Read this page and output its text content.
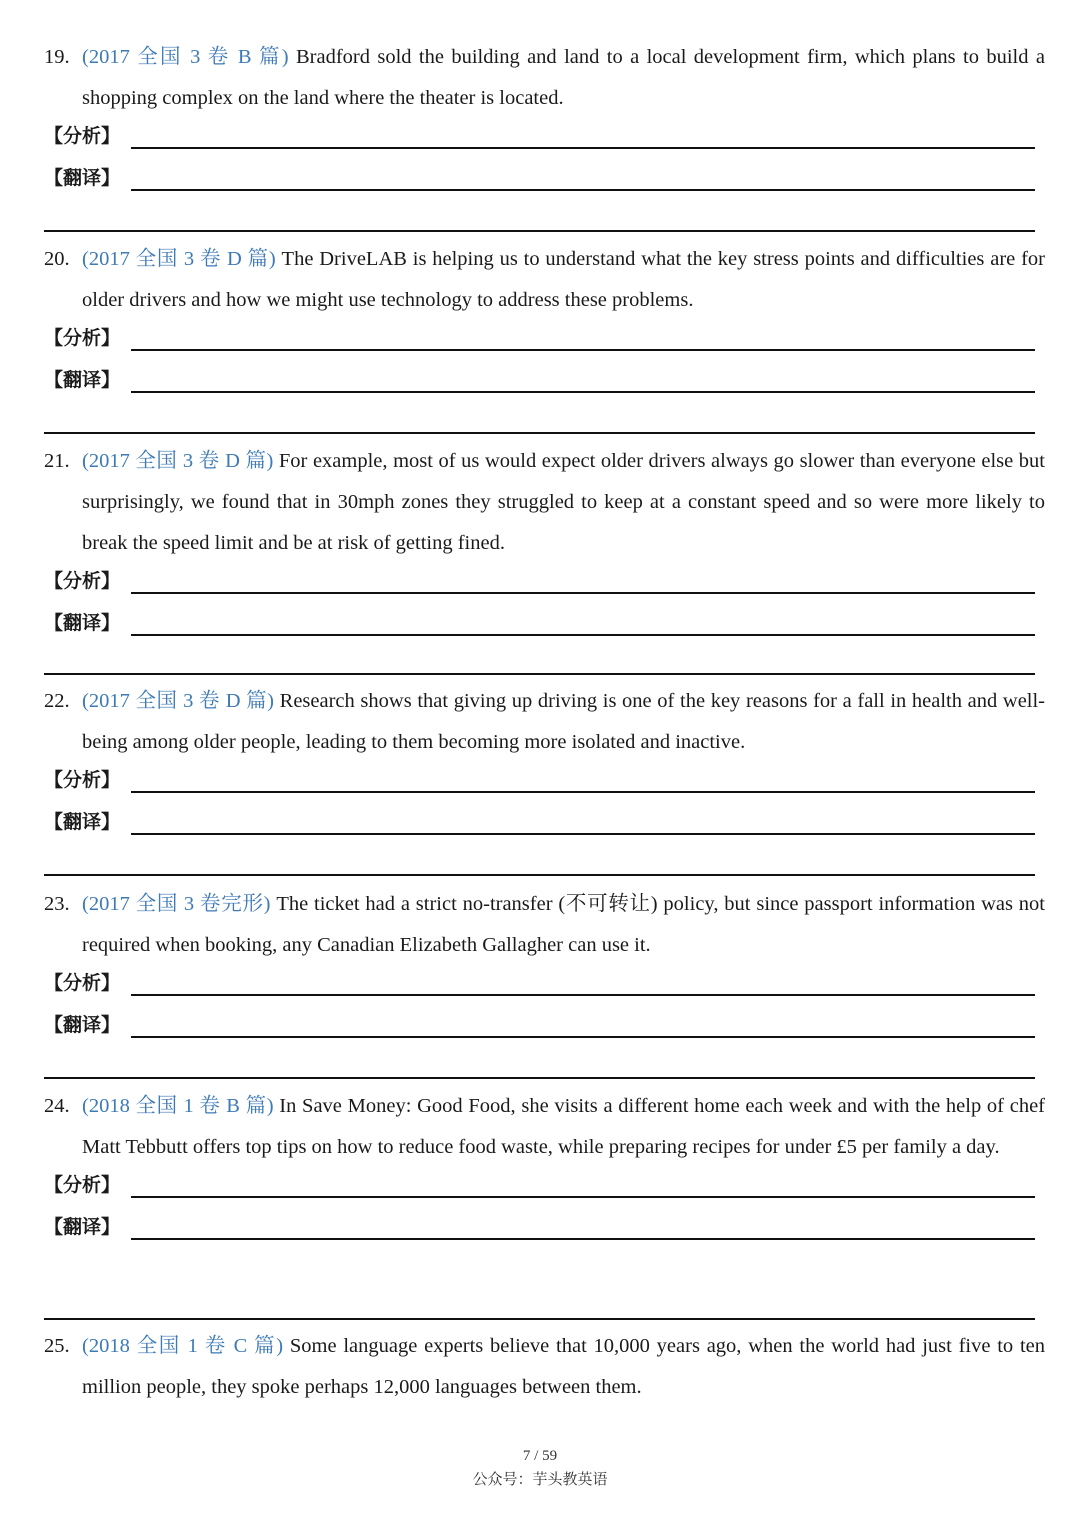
19. (2017 全国 3 卷 B 篇) Bradford sold the building and land to a local development firm, which plans to build a shopping complex on the land where the theater is located.
【分析】
【翻译】
20. (2017 全国 3 卷 D 篇) The DriveLAB is helping us to understand what the key stress points and difficulties are for older drivers and how we might use technology to address these problems.
【分析】
【翻译】
21. (2017 全国 3 卷 D 篇) For example, most of us would expect older drivers always go slower than everyone else but surprisingly, we found that in 30mph zones they struggled to keep at a constant speed and so were more likely to break the speed limit and be at risk of getting fined.
【分析】
【翻译】
22. (2017 全国 3 卷 D 篇) Research shows that giving up driving is one of the key reasons for a fall in health and well-being among older people, leading to them becoming more isolated and inactive.
【分析】
【翻译】
23. (2017 全国 3 卷完形) The ticket had a strict no-transfer (不可转让) policy, but since passport information was not required when booking, any Canadian Elizabeth Gallagher can use it.
【分析】
【翻译】
24. (2018 全国 1 卷 B 篇) In Save Money: Good Food, she visits a different home each week and with the help of chef Matt Tebbutt offers top tips on how to reduce food waste, while preparing recipes for under £5 per family a day.
【分析】
【翻译】
25. (2018 全国 1 卷 C 篇) Some language experts believe that 10,000 years ago, when the world had just five to ten million people, they spoke perhaps 12,000 languages between them.
7 / 59
公众号：芋头教英语
